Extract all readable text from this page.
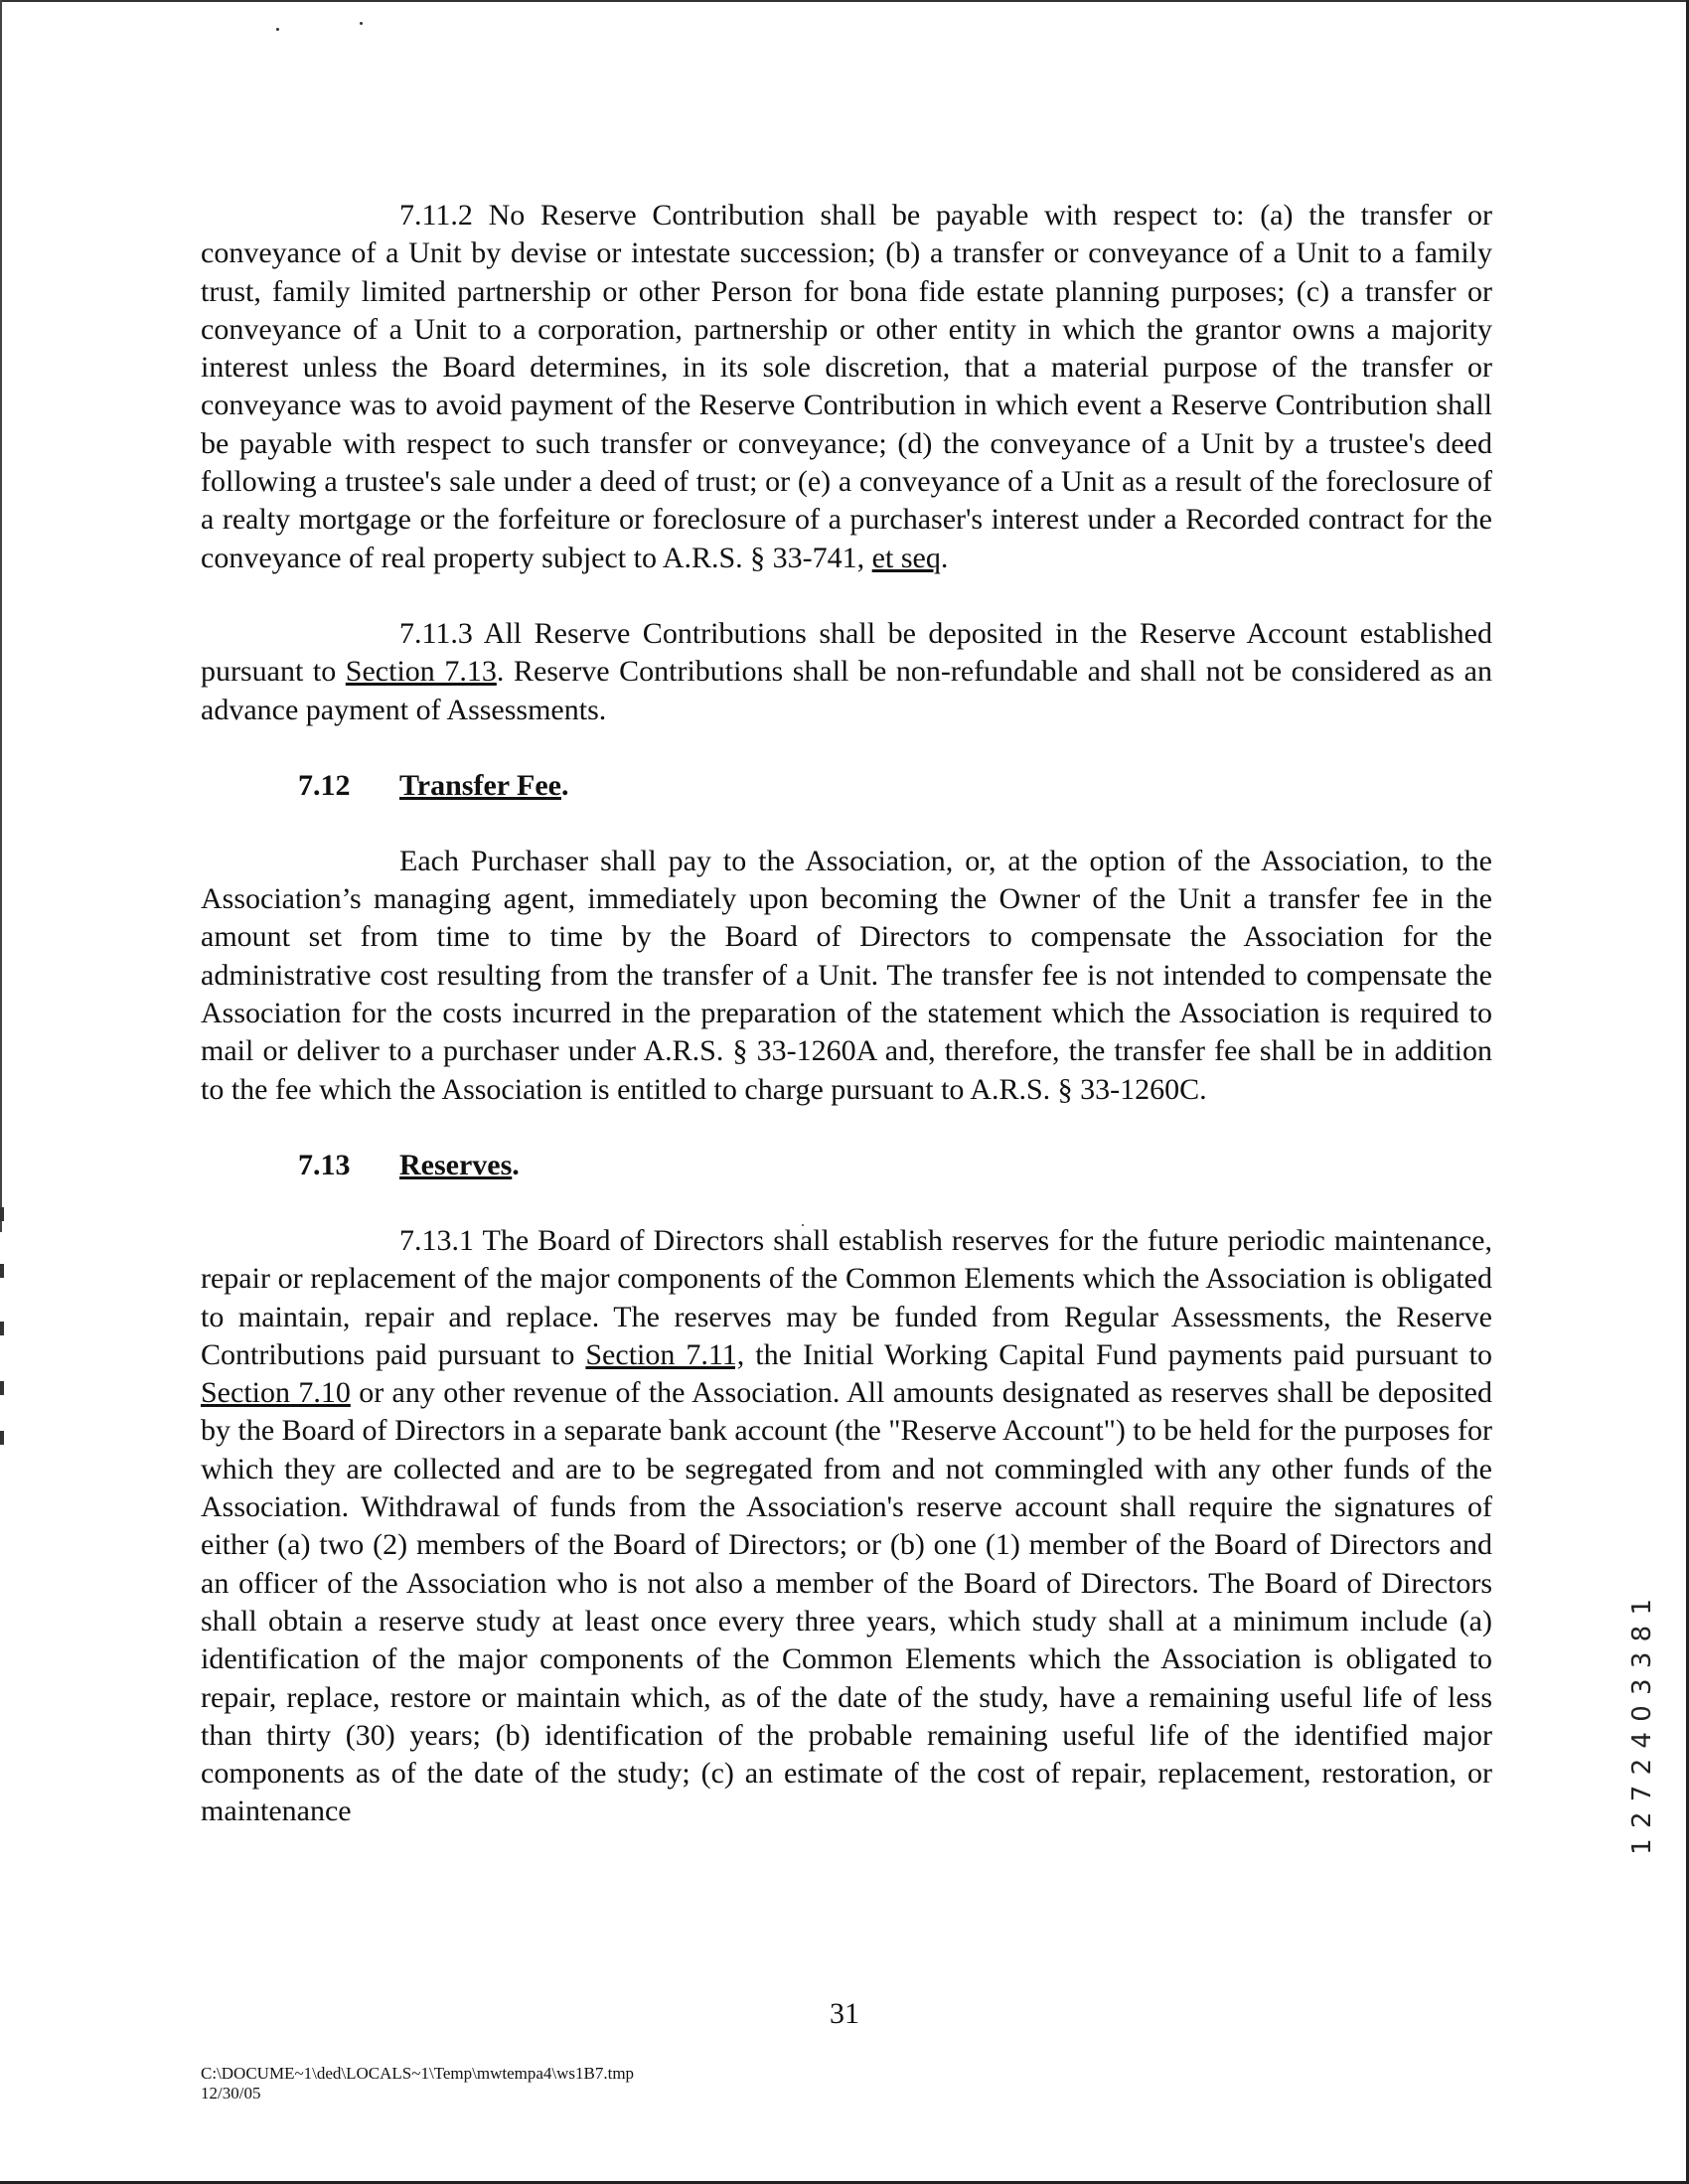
7.11.2 No Reserve Contribution shall be payable with respect to: (a) the transfer or conveyance of a Unit by devise or intestate succession; (b) a transfer or conveyance of a Unit to a family trust, family limited partnership or other Person for bona fide estate planning purposes; (c) a transfer or conveyance of a Unit to a corporation, partnership or other entity in which the grantor owns a majority interest unless the Board determines, in its sole discretion, that a material purpose of the transfer or conveyance was to avoid payment of the Reserve Contribution in which event a Reserve Contribution shall be payable with respect to such transfer or conveyance; (d) the conveyance of a Unit by a trustee's deed following a trustee's sale under a deed of trust; or (e) a conveyance of a Unit as a result of the foreclosure of a realty mortgage or the forfeiture or foreclosure of a purchaser's interest under a Recorded contract for the conveyance of real property subject to A.R.S. § 33-741, et seq.

7.11.3 All Reserve Contributions shall be deposited in the Reserve Account established pursuant to Section 7.13. Reserve Contributions shall be non-refundable and shall not be considered as an advance payment of Assessments.

7.12 Transfer Fee.

Each Purchaser shall pay to the Association, or, at the option of the Association, to the Association’s managing agent, immediately upon becoming the Owner of the Unit a transfer fee in the amount set from time to time by the Board of Directors to compensate the Association for the administrative cost resulting from the transfer of a Unit. The transfer fee is not intended to compensate the Association for the costs incurred in the preparation of the statement which the Association is required to mail or deliver to a purchaser under A.R.S. § 33-1260A and, therefore, the transfer fee shall be in addition to the fee which the Association is entitled to charge pursuant to A.R.S. § 33-1260C.

7.13 Reserves.

7.13.1 The Board of Directors shall establish reserves for the future periodic maintenance, repair or replacement of the major components of the Common Elements which the Association is obligated to maintain, repair and replace. The reserves may be funded from Regular Assessments, the Reserve Contributions paid pursuant to Section 7.11, the Initial Working Capital Fund payments paid pursuant to Section 7.10 or any other revenue of the Association. All amounts designated as reserves shall be deposited by the Board of Directors in a separate bank account (the "Reserve Account") to be held for the purposes for which they are collected and are to be segregated from and not commingled with any other funds of the Association. Withdrawal of funds from the Association's reserve account shall require the signatures of either (a) two (2) members of the Board of Directors; or (b) one (1) member of the Board of Directors and an officer of the Association who is not also a member of the Board of Directors. The Board of Directors shall obtain a reserve study at least once every three years, which study shall at a minimum include (a) identification of the major components of the Common Elements which the Association is obligated to repair, replace, restore or maintain which, as of the date of the study, have a remaining useful life of less than thirty (30) years; (b) identification of the probable remaining useful life of the identified major components as of the date of the study; (c) an estimate of the cost of repair, replacement, restoration, or maintenance

31
C:\DOCUME~1\ded\LOCALS~1\Temp\mwtempa4\ws1B7.tmp
12/30/05
1 2 7 2 4 0 3 3 8 1
